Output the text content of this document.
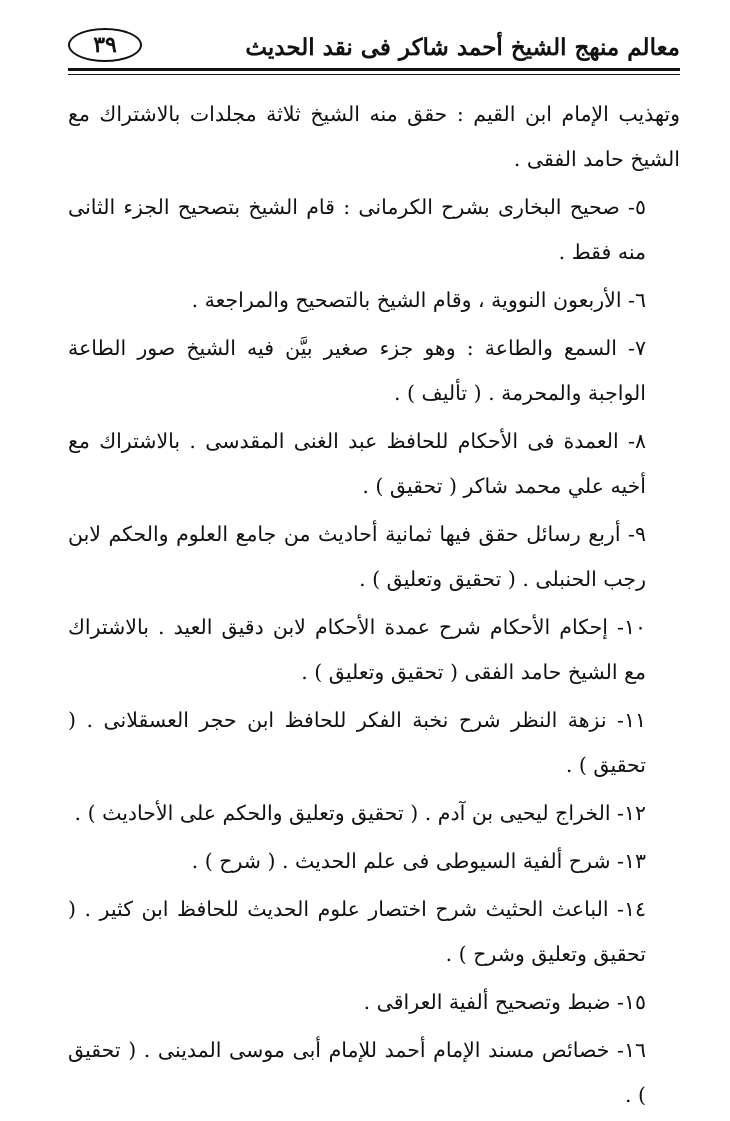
معالم منهج الشيخ أحمد شاكر فى نقد الحديث
٣٩

وتهذيب الإمام ابن القيم : حقق منه الشيخ ثلاثة مجلدات بالاشتراك مع الشيخ حامد الفقى .

٥- صحيح البخارى بشرح الكرمانى : قام الشيخ بتصحيح الجزء الثانى منه فقط .

٦- الأربعون النووية ، وقام الشيخ بالتصحيح والمراجعة .

٧- السمع والطاعة : وهو جزء صغير بيَّن فيه الشيخ صور الطاعة الواجبة والمحرمة . ( تأليف ) .

٨- العمدة فى الأحكام للحافظ عبد الغنى المقدسى . بالاشتراك مع أخيه علي محمد شاكر ( تحقيق ) .

٩- أربع رسائل حقق فيها ثمانية أحاديث من جامع العلوم والحكم لابن رجب الحنبلى . ( تحقيق وتعليق ) .

١٠- إحكام الأحكام شرح عمدة الأحكام لابن دقيق العيد . بالاشتراك مع الشيخ حامد الفقى ( تحقيق وتعليق ) .

١١- نزهة النظر شرح نخبة الفكر للحافظ ابن حجر العسقلانى . ( تحقيق ) .

١٢- الخراج ليحيى بن آدم . ( تحقيق وتعليق والحكم على الأحاديث ) .

١٣- شرح ألفية السيوطى فى علم الحديث . ( شرح ) .

١٤- الباعث الحثيث شرح اختصار علوم الحديث للحافظ ابن كثير . ( تحقيق وتعليق وشرح ) .

١٥- ضبط وتصحيح ألفية العراقى .

١٦- خصائص مسند الإمام أحمد للإمام أبى موسى المدينى . ( تحقيق ) .
